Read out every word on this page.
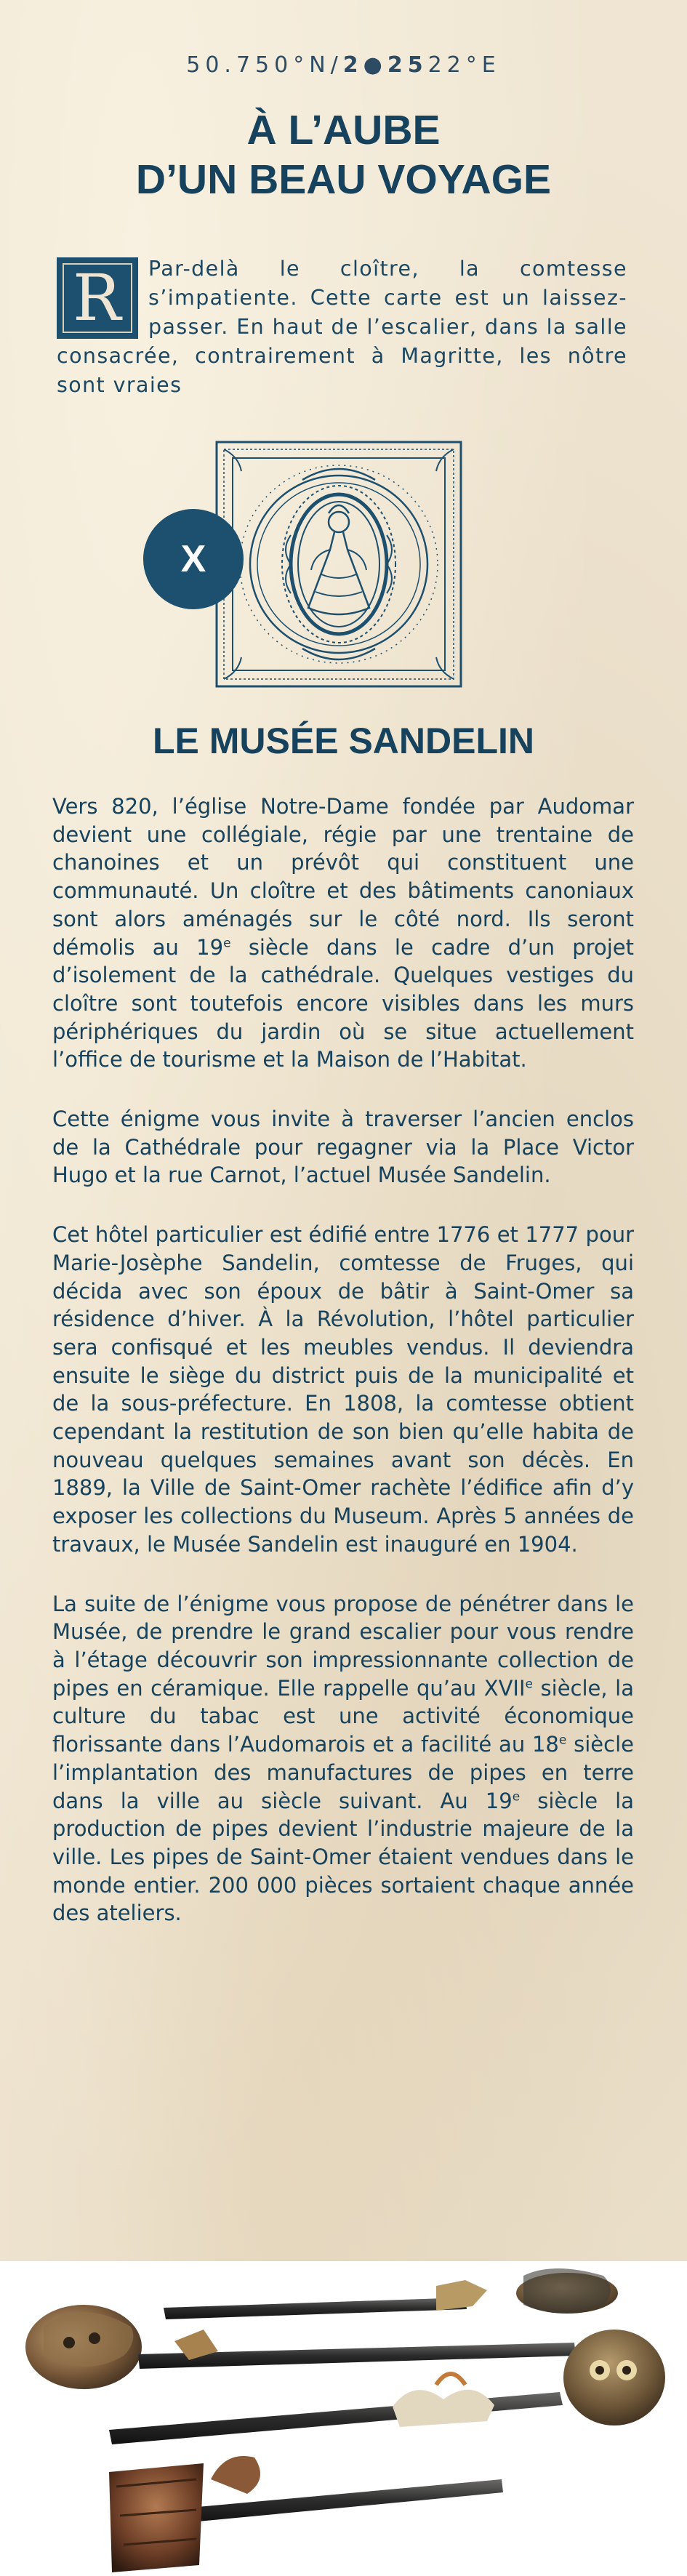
50.750°N/2●2522°E
À L’AUBE
D’UN BEAU VOYAGE
R	Par-delà le cloître, la comtesse s’impatiente. Cette carte est un laissez-passer. En haut de l’escalier, dans la salle consacrée, contrairement à Magritte, les nôtre sont vraies
X
LE MUSÉE SANDELIN

Vers 820, l’église Notre-Dame fondée par Audomar devient une collégiale, régie par une trentaine de chanoines et un prévôt qui constituent une communauté. Un cloître et des bâtiments canoniaux sont alors aménagés sur le côté nord. Ils seront démolis au 19e siècle dans le cadre d’un projet d’isolement de la cathédrale. Quelques vestiges du cloître sont toutefois encore visibles dans les murs périphériques du jardin où se situe actuellement l’office de tourisme et la Maison de l’Habitat.

Cette énigme vous invite à traverser l’ancien enclos de la Cathédrale pour regagner via la Place Victor Hugo et la rue Carnot, l’actuel Musée Sandelin.

Cet hôtel particulier est édifié entre 1776 et 1777 pour Marie-Josèphe Sandelin, comtesse de Fruges, qui décida avec son époux de bâtir à Saint-Omer sa résidence d’hiver. À la Révolution, l’hôtel particulier sera confisqué et les meubles vendus. Il deviendra ensuite le siège du district puis de la municipalité et de la sous-préfecture. En 1808, la comtesse obtient cependant la restitution de son bien qu’elle habita de nouveau quelques semaines avant son décès. En 1889, la Ville de Saint-Omer rachète l’édifice afin d’y exposer les collections du Museum. Après 5 années de travaux, le Musée Sandelin est inauguré en 1904.

La suite de l’énigme vous propose de pénétrer dans le Musée, de prendre le grand escalier pour vous rendre à l’étage découvrir son impressionnante collection de pipes en céramique. Elle rappelle qu’au XVIIe siècle, la culture du tabac est une activité économique florissante dans l’Audomarois et a facilité au 18e siècle l’implantation des manufactures de pipes en terre dans la ville au siècle suivant. Au 19e siècle la production de pipes devient l’industrie majeure de la ville. Les pipes de Saint-Omer étaient vendues dans le monde entier. 200 000 pièces sortaient chaque année des ateliers.
